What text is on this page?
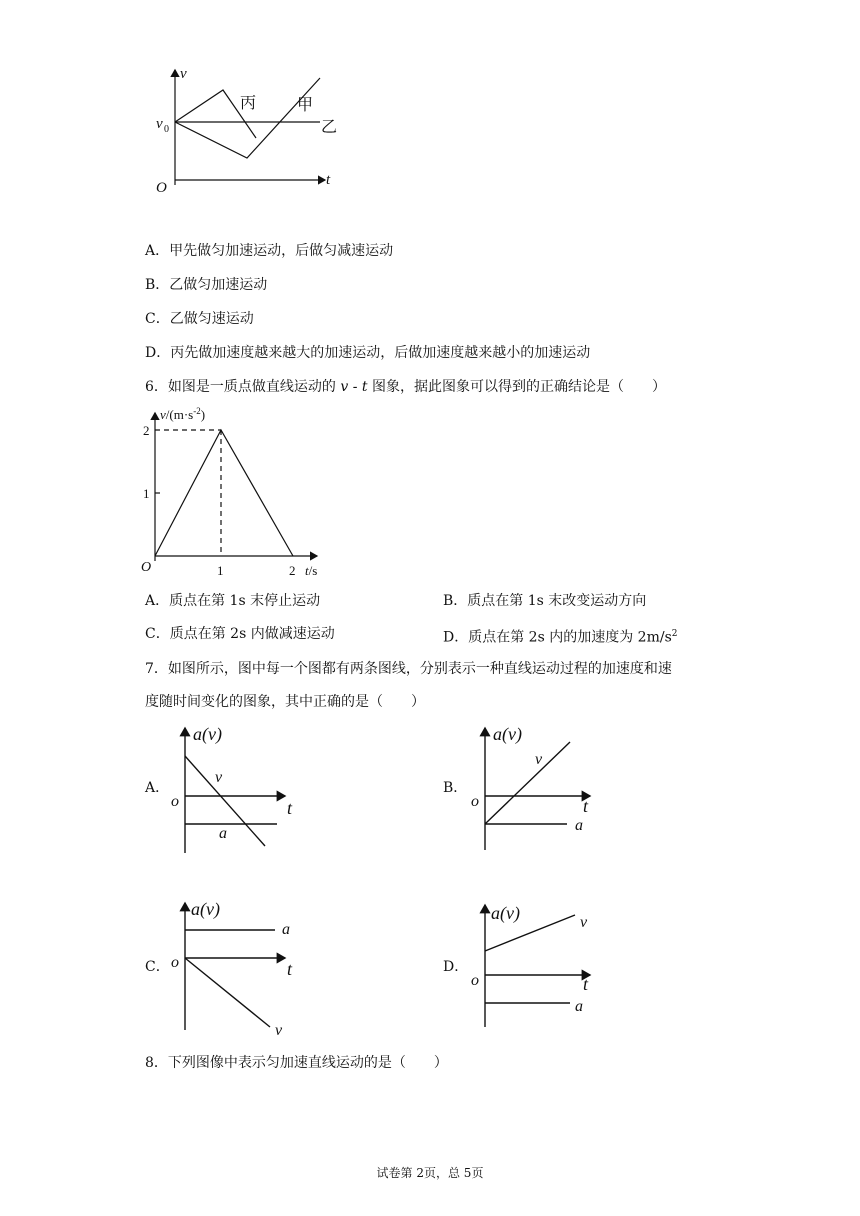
v
t
O
v 0
丙	甲
乙
A．甲先做匀加速运动，后做匀减速运动
B．乙做匀加速运动
C．乙做匀速运动
D．丙先做加速度越来越大的加速运动，后做加速度越来越小的加速运动
6．如图是一质点做直线运动的 v - t 图象，据此图象可以得到的正确结论是（　　）
$v/(m\cdot s^{-2})$
t/s
O
1
2
1	2
A．质点在第 1s 末停止运动	B．质点在第 1s 末改变运动方向
C．质点在第 2s 内做减速运动	D．质点在第 2s 内的加速度为 $2m/s^2$
7．如图所示，图中每一个图都有两条图线，分别表示一种直线运动过程的加速度和速
度随时间变化的图象，其中正确的是（　　）
A．
a(v)
t
o
v
a
B．
a(v)
t
o
v
a
C．
a(v)
t
o
a
v
D．
a(v)
t
o
v
a
8．下列图像中表示匀加速直线运动的是（　　）
试卷第 2页，总 5页
